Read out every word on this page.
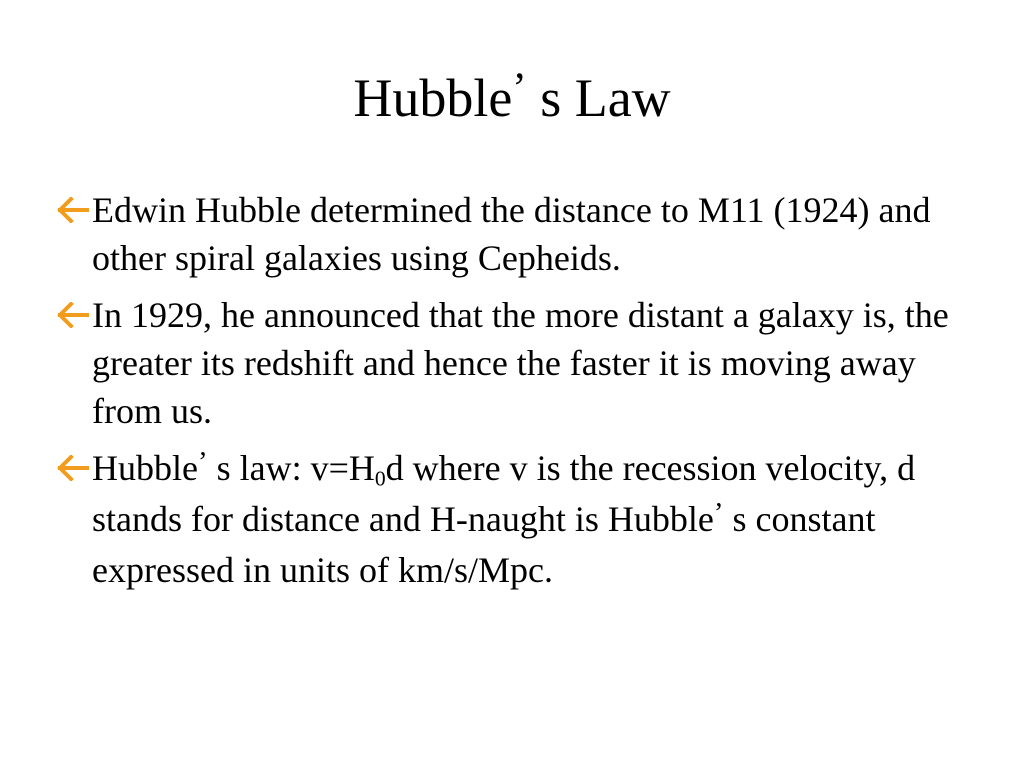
Hubble’ s Law
Edwin Hubble determined the distance to M11 (1924) and other spiral galaxies using Cepheids.
In 1929, he announced that the more distant a galaxy is, the greater its redshift and hence the faster it is moving away from us.
Hubble’ s law: $v=H_0d$ where v is the recession velocity, d stands for distance and H-naught is Hubble’ s constant expressed in units of km/s/Mpc.
